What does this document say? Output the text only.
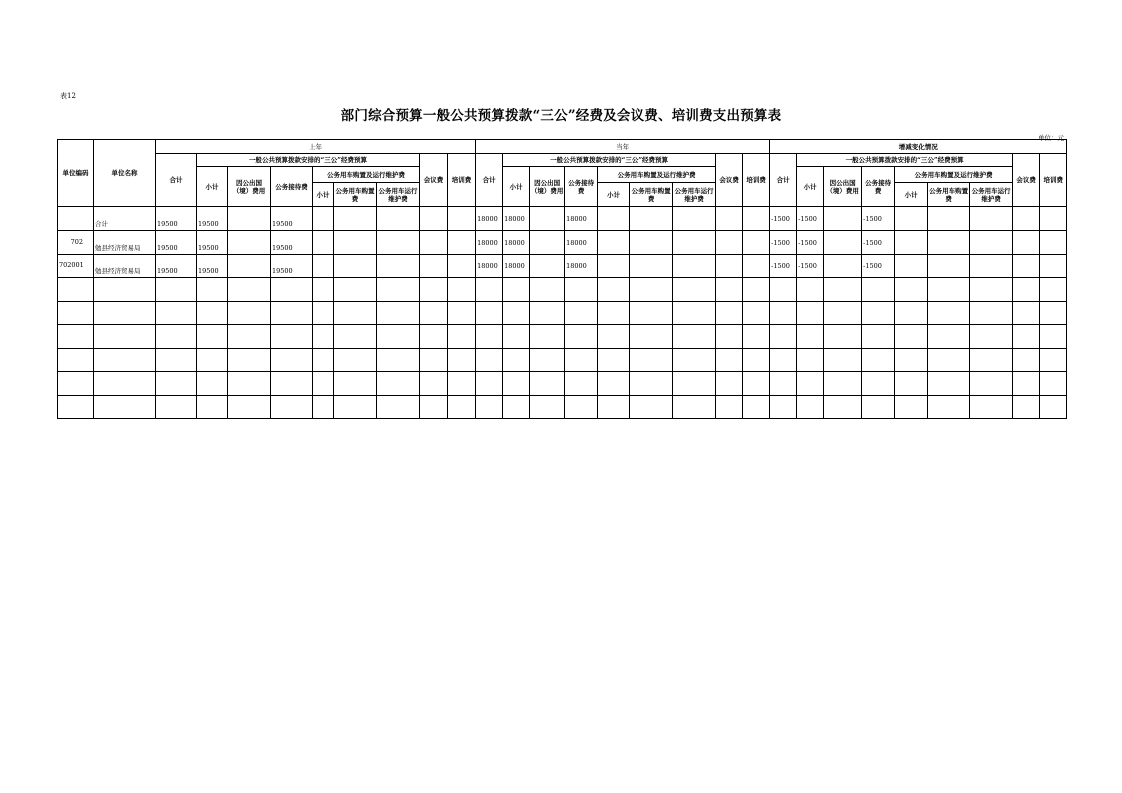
表12
部门综合预算一般公共预算拨款“三公”经费及会议费、培训费支出预算表
单位：元
单位编码	单位名称	上年									当年									增减变化情况								
		合计	一般公共预算拨款安排的“三公”经费预算						会议费	培训费	合计	一般公共预算拨款安排的“三公”经费预算						会议费	培训费	合计	一般公共预算拨款安排的“三公”经费预算						会议费	培训费
			小计	因公出国（境）费用	公务接待费	公务用车购置及运行维护费						小计	因公出国（境）费用	公务接待费	公务用车购置及运行维护费						小计	因公出国（境）费用	公务接待费	公务用车购置及运行维护费				
						小计	公务用车购置费	公务用车运行维护费							小计	公务用车购置费	公务用车运行维护费							小计	公务用车购置费	公务用车运行维护费		
	合计	19500	19500		19500						18000	18000		18000						-1500	-1500		-1500					
702	勉县经济贸易局	19500	19500		19500						18000	18000		18000						-1500	-1500		-1500					
702001	勉县经济贸易局	19500	19500		19500						18000	18000		18000						-1500	-1500		-1500					
